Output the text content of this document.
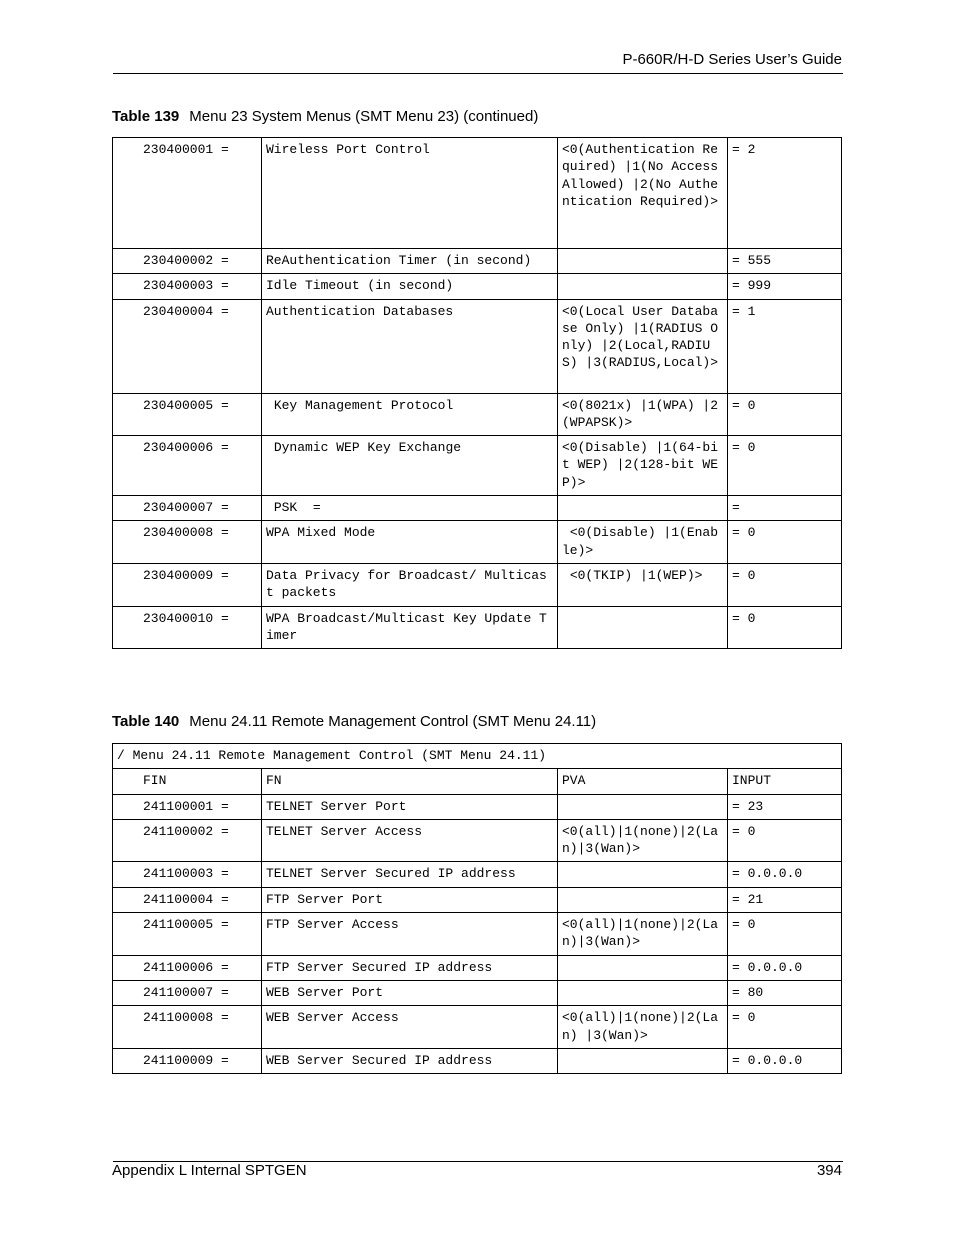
P-660R/H-D Series User’s Guide
Table 139 Menu 23 System Menus (SMT Menu 23) (continued)
230400001 =	Wireless Port Control	<0(Authentication Required) |1(No Access Allowed) |2(No Authentication Required)>	= 2
230400002 =	ReAuthentication Timer (in second)		= 555
230400003 =	Idle Timeout (in second)		= 999
230400004 =	Authentication Databases	<0(Local User Database Only) |1(RADIUS Only) |2(Local,RADIUS) |3(RADIUS,Local)>	= 1
230400005 =	Key Management Protocol	<0(8021x) |1(WPA) |2(WPAPSK)>	= 0
230400006 =	Dynamic WEP Key Exchange	<0(Disable) |1(64-bit WEP) |2(128-bit WEP)>	= 0
230400007 =	PSK  =		=
230400008 =	WPA Mixed Mode	<0(Disable) |1(Enable)>	= 0
230400009 =	Data Privacy for Broadcast/ Multicast packets	<0(TKIP) |1(WEP)>	= 0
230400010 =	WPA Broadcast/Multicast Key Update Timer		= 0
Table 140 Menu 24.11 Remote Management Control (SMT Menu 24.11)
/ Menu 24.11 Remote Management Control (SMT Menu 24.11)			
FIN	FN	PVA	INPUT
241100001 =	TELNET Server Port		= 23
241100002 =	TELNET Server Access	<0(all)|1(none)|2(Lan)|3(Wan)>	= 0
241100003 =	TELNET Server Secured IP address		= 0.0.0.0
241100004 =	FTP Server Port		= 21
241100005 =	FTP Server Access	<0(all)|1(none)|2(Lan)|3(Wan)>	= 0
241100006 =	FTP Server Secured IP address		= 0.0.0.0
241100007 =	WEB Server Port		= 80
241100008 =	WEB Server Access	<0(all)|1(none)|2(Lan) |3(Wan)>	= 0
241100009 =	WEB Server Secured IP address		= 0.0.0.0
Appendix L Internal SPTGEN	394
